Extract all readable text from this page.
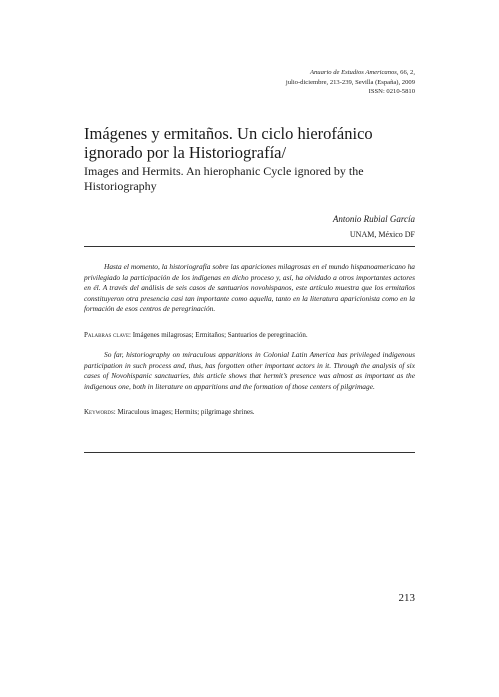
Anuario de Estudios Americanos, 66, 2,
julio-diciembre, 213-239, Sevilla (España), 2009
ISSN: 0210-5810
Imágenes y ermitaños. Un ciclo hierofánico ignorado por la Historiografía/
Images and Hermits. An hierophanic Cycle ignored by the Historiography
Antonio Rubial García
UNAM, México DF

Hasta el momento, la historiografía sobre las apariciones milagrosas en el mundo hispanoamericano ha privilegiado la participación de los indígenas en dicho proceso y, así, ha olvidado a otros importantes actores en él. A través del análisis de seis casos de santuarios novohispanos, este artículo muestra que los ermitaños constituyeron otra presencia casi tan importante como aquella, tanto en la literatura aparicionista como en la formación de esos centros de peregrinación.

Palabras clave: Imágenes milagrosas; Ermitaños; Santuarios de peregrinación.

So far, historiography on miraculous apparitions in Colonial Latin America has privileged indigenous participation in such process and, thus, has forgotten other important actors in it. Through the analysis of six cases of Novohispanic sanctuaries, this article shows that hermit’s presence was almost as important as the indigenous one, both in literature on apparitions and the formation of those centers of pilgrimage.

Keywords: Miraculous images; Hermits; pilgrimage shrines.

213
